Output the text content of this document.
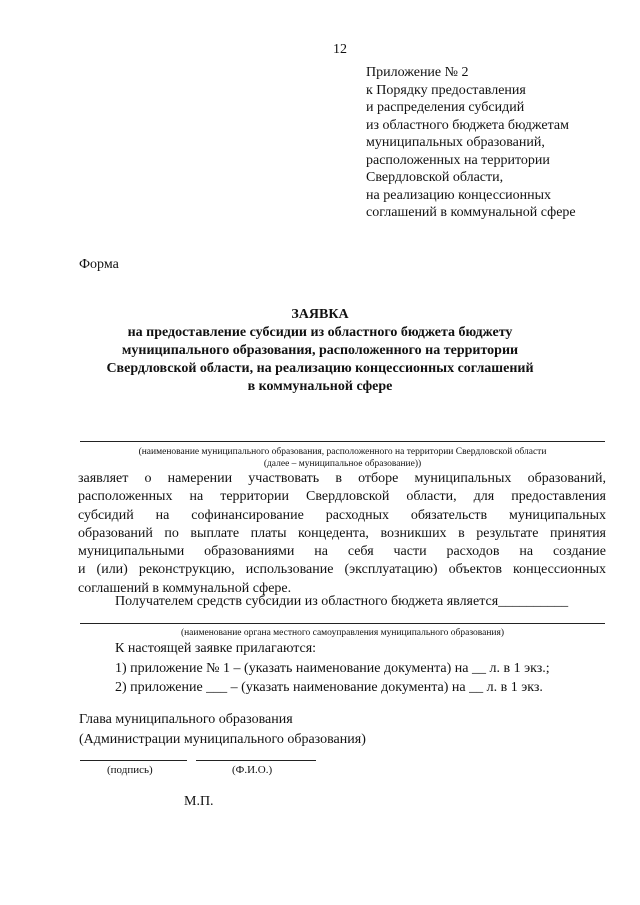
12
Приложение № 2
к Порядку предоставления
и распределения субсидий
из областного бюджета бюджетам
муниципальных образований,
расположенных на территории
Свердловской области,
на реализацию концессионных
соглашений в коммунальной сфере
Форма
ЗАЯВКА
на предоставление субсидии из областного бюджета бюджету
муниципального образования, расположенного на территории
Свердловской области, на реализацию концессионных соглашений
в коммунальной сфере
(наименование муниципального образования, расположенного на территории Свердловской области
(далее – муниципальное образование))
заявляет о намерении участвовать в отборе муниципальных образований,
расположенных на территории Свердловской области, для предоставления
субсидий на софинансирование расходных обязательств муниципальных
образований по выплате платы концедента, возникших в результате принятия
муниципальными образованиями на себя части расходов на создание
и (или) реконструкцию, использование (эксплуатацию) объектов концессионных
соглашений в коммунальной сфере.
Получателем средств субсидии из областного бюджета является__________
(наименование органа местного самоуправления муниципального образования)
К настоящей заявке прилагаются:
1) приложение № 1 – (указать наименование документа) на __ л. в 1 экз.;
2) приложение ___ – (указать наименование документа) на __ л. в 1 экз.
Глава муниципального образования
(Администрации муниципального образования)
(подпись)	(Ф.И.О.)
М.П.
